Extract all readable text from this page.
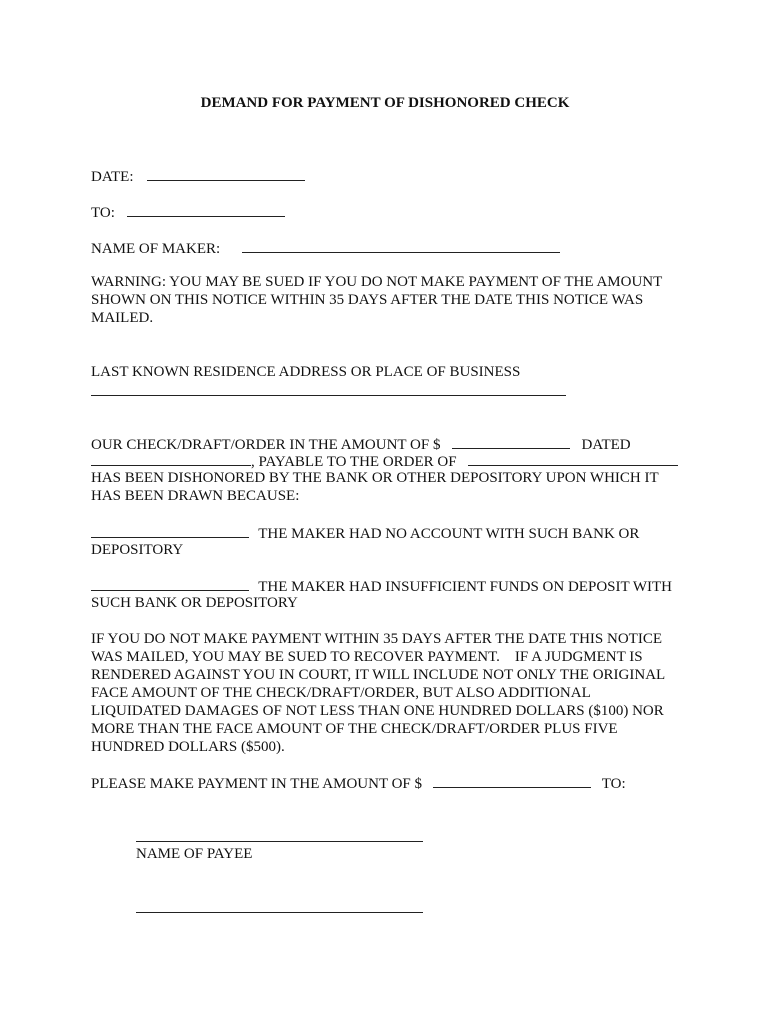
DEMAND FOR PAYMENT OF DISHONORED CHECK
DATE:
TO:
NAME OF MAKER:
WARNING: YOU MAY BE SUED IF YOU DO NOT MAKE PAYMENT OF THE AMOUNT SHOWN ON THIS NOTICE WITHIN 35 DAYS AFTER THE DATE THIS NOTICE WAS MAILED.
LAST KNOWN RESIDENCE ADDRESS OR PLACE OF BUSINESS
OUR CHECK/DRAFT/ORDER IN THE AMOUNT OF $	DATED
, PAYABLE TO THE ORDER OF
HAS BEEN DISHONORED BY THE BANK OR OTHER DEPOSITORY UPON WHICH IT
HAS BEEN DRAWN BECAUSE:
THE MAKER HAD NO ACCOUNT WITH SUCH BANK OR
DEPOSITORY
THE MAKER HAD INSUFFICIENT FUNDS ON DEPOSIT WITH
SUCH BANK OR DEPOSITORY
IF YOU DO NOT MAKE PAYMENT WITHIN 35 DAYS AFTER THE DATE THIS NOTICE
WAS MAILED, YOU MAY BE SUED TO RECOVER PAYMENT.    IF A JUDGMENT IS
RENDERED AGAINST YOU IN COURT, IT WILL INCLUDE NOT ONLY THE ORIGINAL
FACE AMOUNT OF THE CHECK/DRAFT/ORDER, BUT ALSO ADDITIONAL
LIQUIDATED DAMAGES OF NOT LESS THAN ONE HUNDRED DOLLARS ($100) NOR
MORE THAN THE FACE AMOUNT OF THE CHECK/DRAFT/ORDER PLUS FIVE
HUNDRED DOLLARS ($500).
PLEASE MAKE PAYMENT IN THE AMOUNT OF $	TO:
NAME OF PAYEE
